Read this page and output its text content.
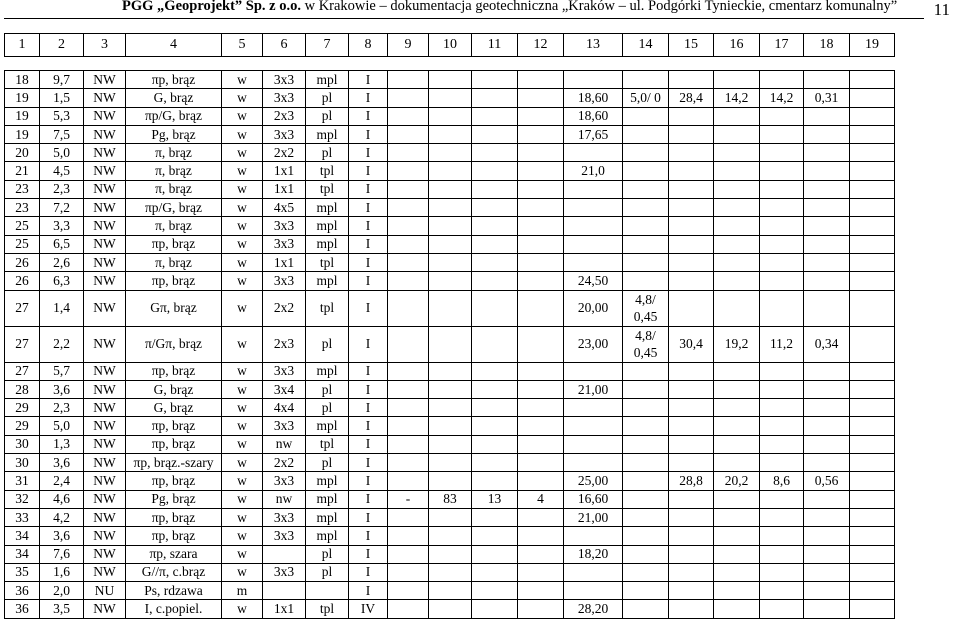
PGG „Geoprojekt” Sp. z o.o. w Krakowie – dokumentacja geotechniczna „Kraków – ul. Podgórki Tynieckie, cmentarz komunalny” 11
1	2	3	4	5	6	7	8	9	10	11	12	13	14	15	16	17	18	19
18	9,7	NW	πp, brąz	w	3x3	mpl	I											
19	1,5	NW	G, brąz	w	3x3	pl	I					18,60	5,0/ 0	28,4	14,2	14,2	0,31	
19	5,3	NW	πp/G, brąz	w	2x3	pl	I					18,60						
19	7,5	NW	Pg, brąz	w	3x3	mpl	I					17,65						
20	5,0	NW	π, brąz	w	2x2	pl	I											
21	4,5	NW	π, brąz	w	1x1	tpl	I					21,0						
23	2,3	NW	π, brąz	w	1x1	tpl	I											
23	7,2	NW	πp/G, brąz	w	4x5	mpl	I											
25	3,3	NW	π, brąz	w	3x3	mpl	I											
25	6,5	NW	πp, brąz	w	3x3	mpl	I											
26	2,6	NW	π, brąz	w	1x1	tpl	I											
26	6,3	NW	πp, brąz	w	3x3	mpl	I					24,50						
27	1,4	NW	Gπ, brąz	w	2x2	tpl	I					20,00	4,8/ 0,45					
27	2,2	NW	π/Gπ, brąz	w	2x3	pl	I					23,00	4,8/ 0,45	30,4	19,2	11,2	0,34	
27	5,7	NW	πp, brąz	w	3x3	mpl	I											
28	3,6	NW	G, brąz	w	3x4	pl	I					21,00						
29	2,3	NW	G, brąz	w	4x4	pl	I											
29	5,0	NW	πp, brąz	w	3x3	mpl	I											
30	1,3	NW	πp, brąz	w	nw	tpl	I											
30	3,6	NW	πp, brąz.-szary	w	2x2	pl	I											
31	2,4	NW	πp, brąz	w	3x3	mpl	I					25,00		28,8	20,2	8,6	0,56	
32	4,6	NW	Pg, brąz	w	nw	mpl	I	-	83	13	4	16,60						
33	4,2	NW	πp, brąz	w	3x3	mpl	I					21,00						
34	3,6	NW	πp, brąz	w	3x3	mpl	I											
34	7,6	NW	πp, szara	w		pl	I					18,20						
35	1,6	NW	G//π, c.brąz	w	3x3	pl	I											
36	2,0	NU	Ps, rdzawa	m			I											
36	3,5	NW	I, c.popiel.	w	1x1	tpl	IV					28,20						
